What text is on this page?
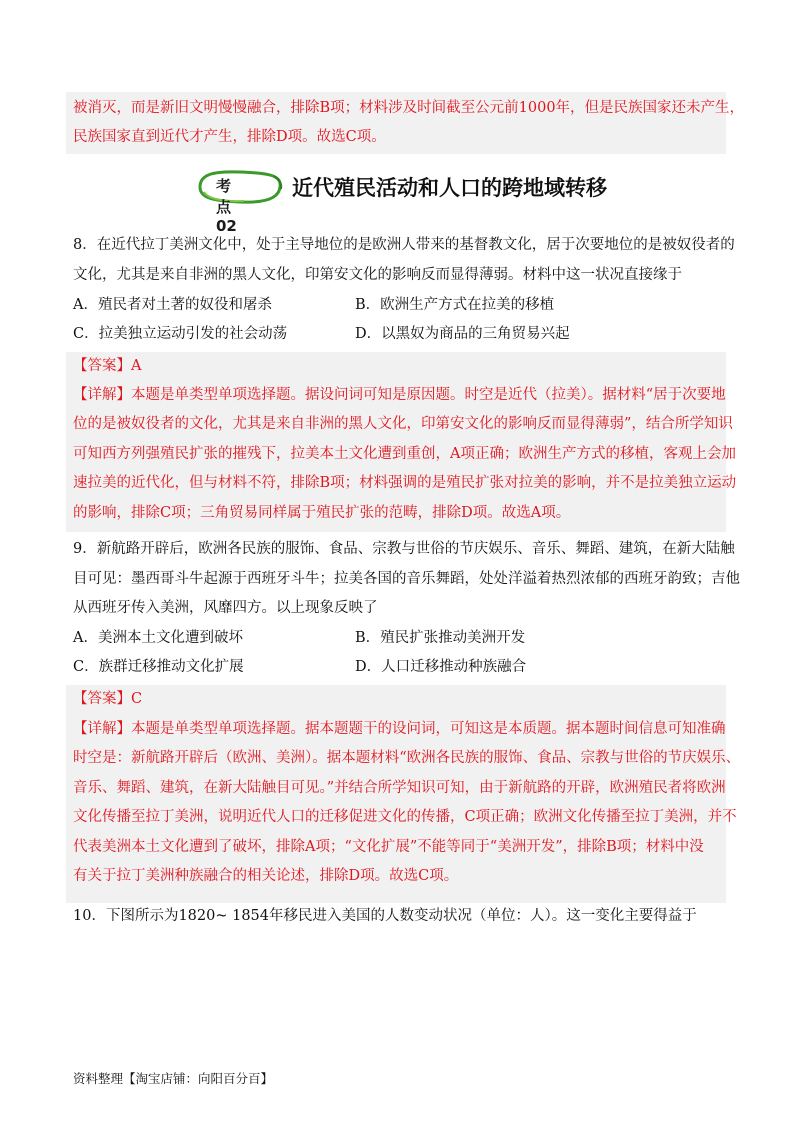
被消灭，而是新旧文明慢慢融合，排除B项；材料涉及时间截至公元前1000年，但是民族国家还未产生，
民族国家直到近代才产生，排除D项。故选C项。
考点02
近代殖民活动和人口的跨地域转移
8．在近代拉丁美洲文化中，处于主导地位的是欧洲人带来的基督教文化，居于次要地位的是被奴役者的
文化，尤其是来自非洲的黑人文化，印第安文化的影响反而显得薄弱。材料中这一状况直接缘于
A．殖民者对土著的奴役和屠杀	B．欧洲生产方式在拉美的移植
C．拉美独立运动引发的社会动荡	D．以黑奴为商品的三角贸易兴起
【答案】A
【详解】本题是单类型单项选择题。据设问词可知是原因题。时空是近代（拉美）。据材料“居于次要地
位的是被奴役者的文化，尤其是来自非洲的黑人文化，印第安文化的影响反而显得薄弱”，结合所学知识
可知西方列强殖民扩张的摧残下，拉美本土文化遭到重创，A项正确；欧洲生产方式的移植，客观上会加
速拉美的近代化，但与材料不符，排除B项；材料强调的是殖民扩张对拉美的影响，并不是拉美独立运动
的影响，排除C项；三角贸易同样属于殖民扩张的范畴，排除D项。故选A项。
9．新航路开辟后，欧洲各民族的服饰、食品、宗教与世俗的节庆娱乐、音乐、舞蹈、建筑，在新大陆触
目可见：墨西哥斗牛起源于西班牙斗牛；拉美各国的音乐舞蹈，处处洋溢着热烈浓郁的西班牙韵致；吉他
从西班牙传入美洲，风靡四方。以上现象反映了
A．美洲本土文化遭到破坏	B．殖民扩张推动美洲开发
C．族群迁移推动文化扩展	D．人口迁移推动种族融合
【答案】C
【详解】本题是单类型单项选择题。据本题题干的设问词，可知这是本质题。据本题时间信息可知准确
时空是：新航路开辟后（欧洲、美洲）。据本题材料“欧洲各民族的服饰、食品、宗教与世俗的节庆娱乐、
音乐、舞蹈、建筑，在新大陆触目可见。”并结合所学知识可知，由于新航路的开辟，欧洲殖民者将欧洲
文化传播至拉丁美洲，说明近代人口的迁移促进文化的传播，C项正确；欧洲文化传播至拉丁美洲，并不
代表美洲本土文化遭到了破坏，排除A项；“文化扩展”不能等同于“美洲开发”，排除B项；材料中没
有关于拉丁美洲种族融合的相关论述，排除D项。故选C项。
10．下图所示为1820~ 1854年移民进入美国的人数变动状况（单位：人）。这一变化主要得益于
资料整理【淘宝店铺：向阳百分百】
